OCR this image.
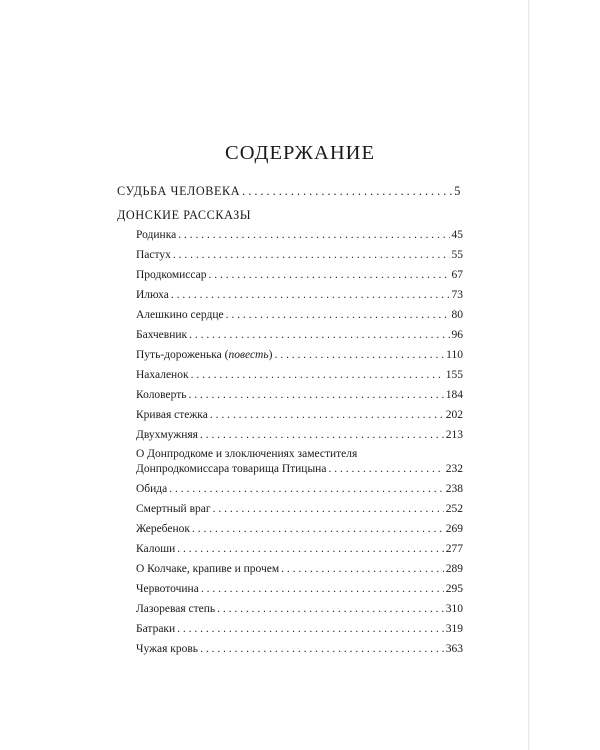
СОДЕРЖАНИЕ
СУДЬБА ЧЕЛОВЕКА . . .	5
ДОНСКИЕ РАССКАЗЫ
Родинка . . .	45
Пастух . . .	55
Продкомиссар . . .	67
Илюха . . .	73
Алешкино сердце . . .	80
Бахчевник . . .	96
Путь-дороженька (повесть) . . .	110
Нахаленок . . .	155
Коловерть . . .	184
Кривая стежка . . .	202
Двухмужняя . . .	213
О Донпродкоме и злоключениях заместителя
Донпродкомиссара товарища Птицына . . .	232
Обида . . .	238
Смертный враг . . .	252
Жеребенок . . .	269
Калоши . . .	277
О Колчаке, крапиве и прочем . . .	289
Червоточина . . .	295
Лазоревая степь . . .	310
Батраки . . .	319
Чужая кровь . . .	363
